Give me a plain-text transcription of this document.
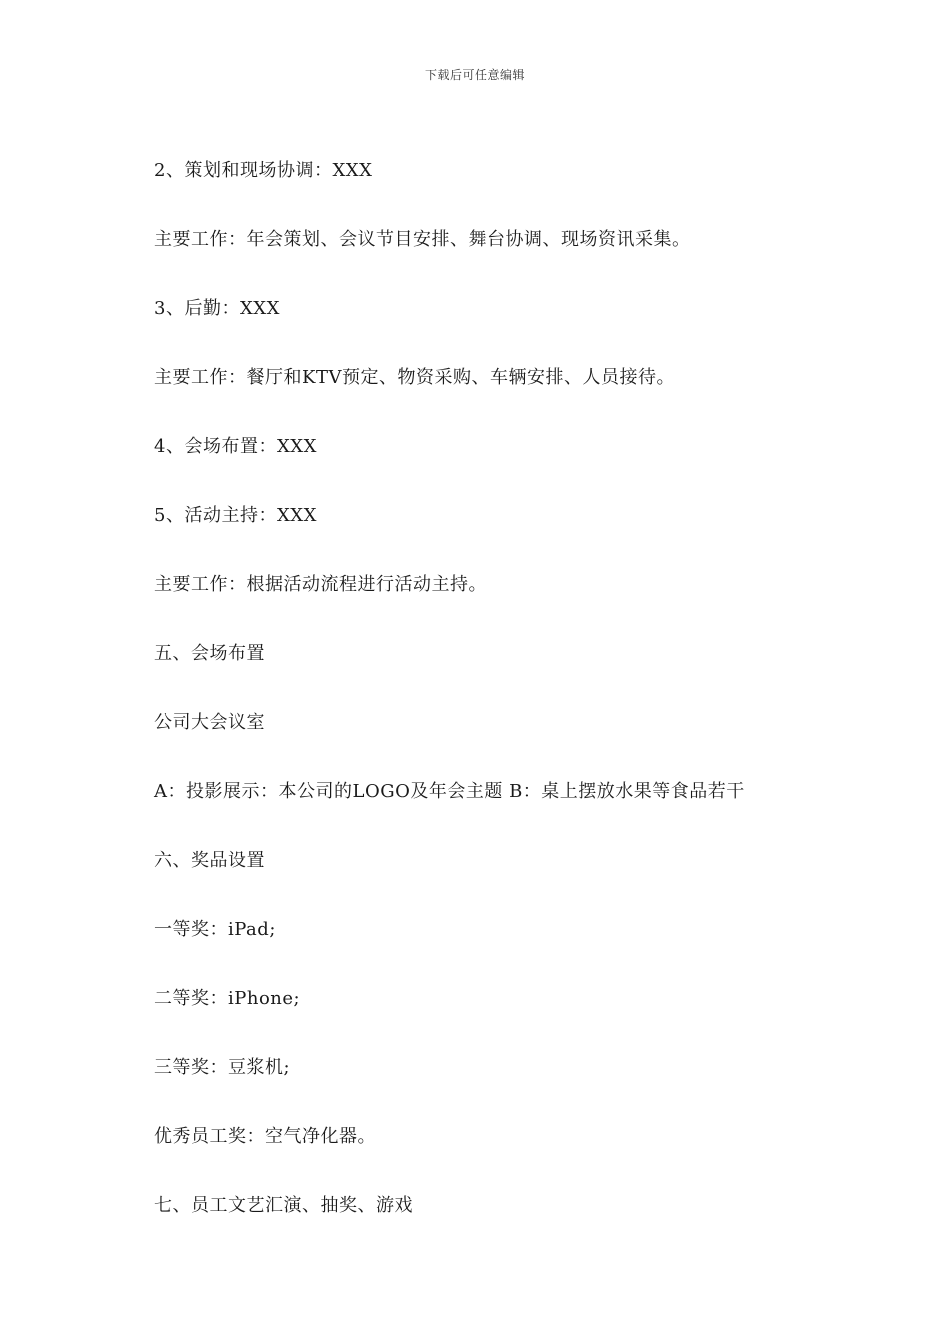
下载后可任意编辑
2、策划和现场协调：XXX
主要工作：年会策划、会议节目安排、舞台协调、现场资讯采集。
3、后勤：XXX
主要工作：餐厅和KTV预定、物资采购、车辆安排、人员接待。
4、会场布置：XXX
5、活动主持：XXX
主要工作：根据活动流程进行活动主持。
五、会场布置
公司大会议室
A：投影展示：本公司的LOGO及年会主题 B：桌上摆放水果等食品若干
六、奖品设置
一等奖：iPad;
二等奖：iPhone;
三等奖：豆浆机;
优秀员工奖：空气净化器。
七、员工文艺汇演、抽奖、游戏
